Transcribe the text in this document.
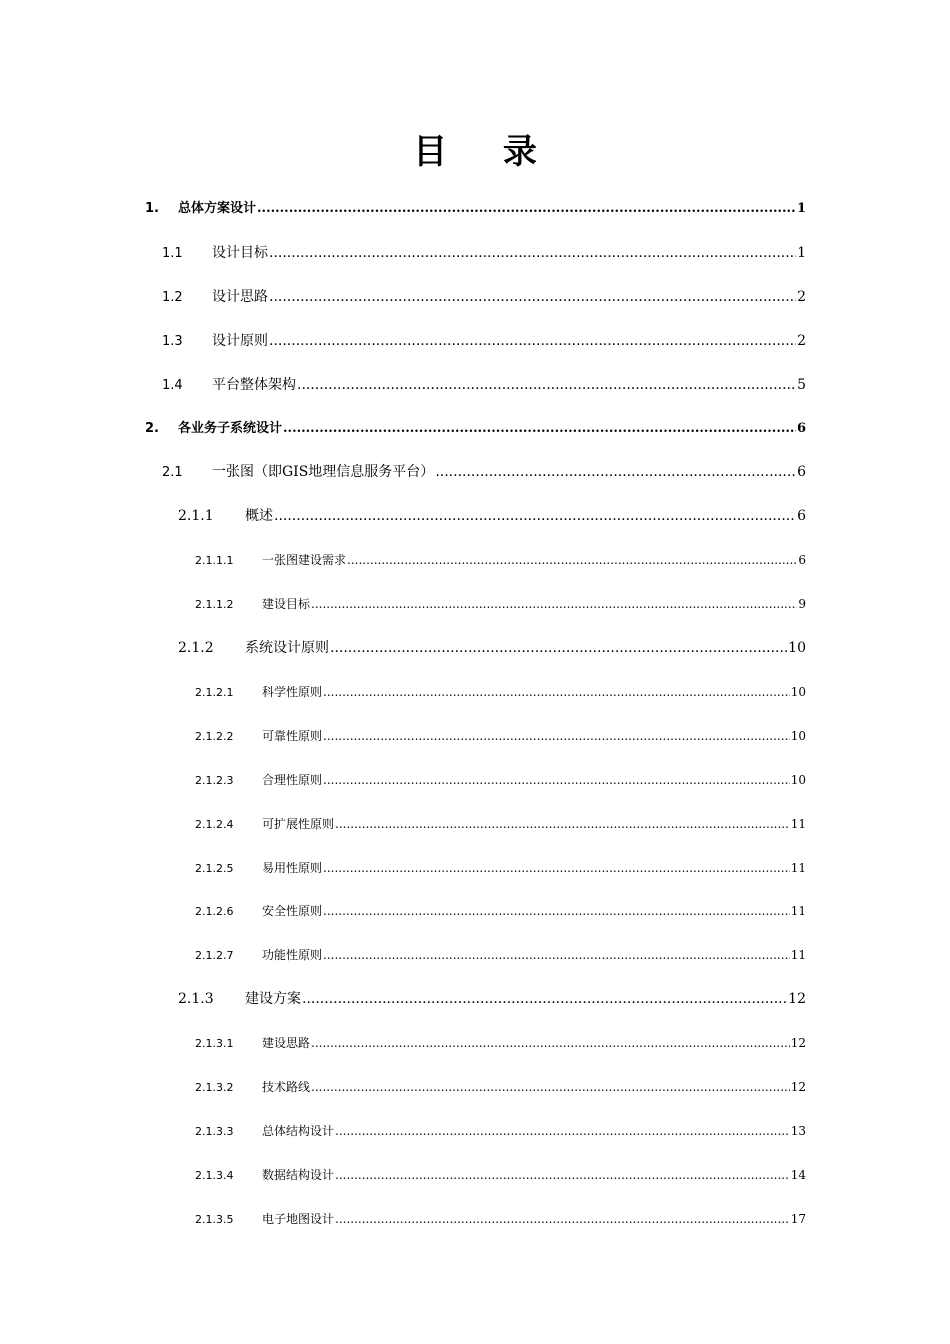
目 录
1.	总体方案设计 .....	1
1.1	设计目标 .....	1
1.2	设计思路 .....	2
1.3	设计原则 .....	2
1.4	平台整体架构 .....	5
2.	各业务子系统设计 .....	6
2.1	一张图（即GIS地理信息服务平台） .....	6
2.1.1	概述 .....	6
2.1.1.1	一张图建设需求 .....	6
2.1.1.2	建设目标 .....	9
2.1.2	系统设计原则 .....	10
2.1.2.1	科学性原则 .....	10
2.1.2.2	可靠性原则 .....	10
2.1.2.3	合理性原则 .....	10
2.1.2.4	可扩展性原则 .....	11
2.1.2.5	易用性原则 .....	11
2.1.2.6	安全性原则 .....	11
2.1.2.7	功能性原则 .....	11
2.1.3	建设方案 .....	12
2.1.3.1	建设思路 .....	12
2.1.3.2	技术路线 .....	12
2.1.3.3	总体结构设计 .....	13
2.1.3.4	数据结构设计 .....	14
2.1.3.5	电子地图设计 .....	17
